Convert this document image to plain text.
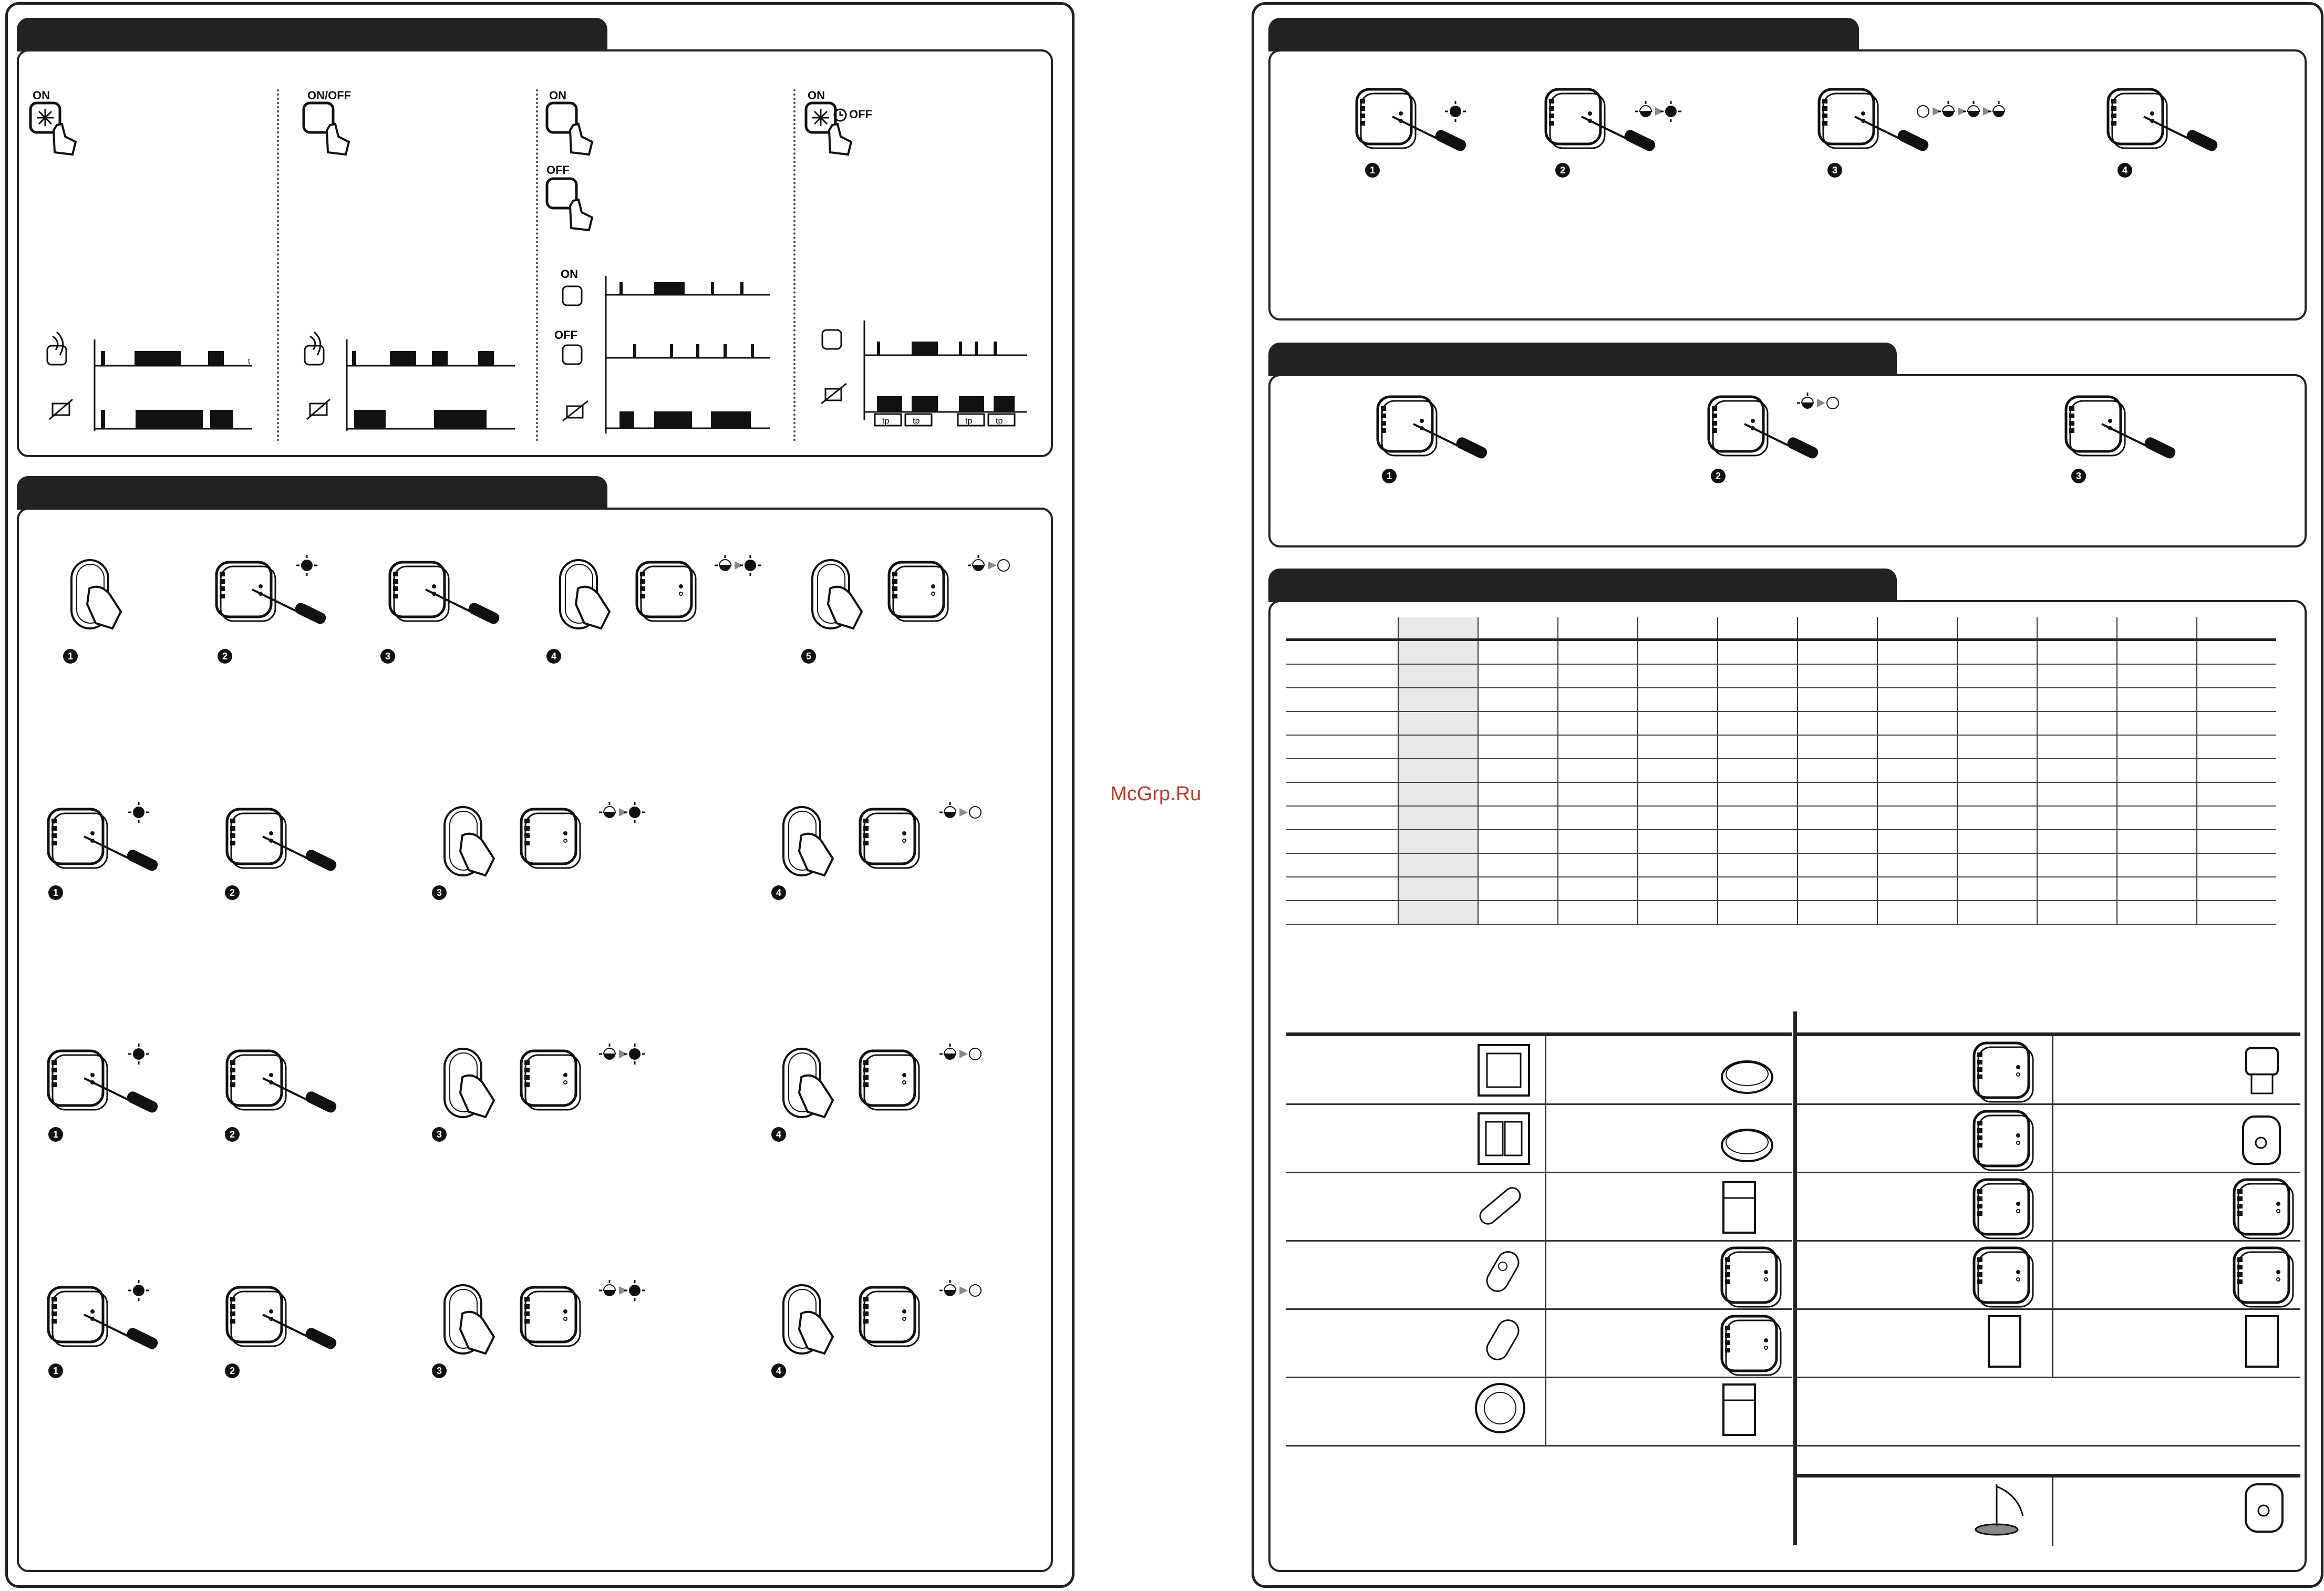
ON	ON/OFF	ON
OFF
ON
OFF
t
ON
OFF
tp	tp	tp	tp

McGrp.Ru
1	2	3	4	5
1	2	3	4
1	2	3	4
1	2	3	4
1	2	3	4
1	2	3
